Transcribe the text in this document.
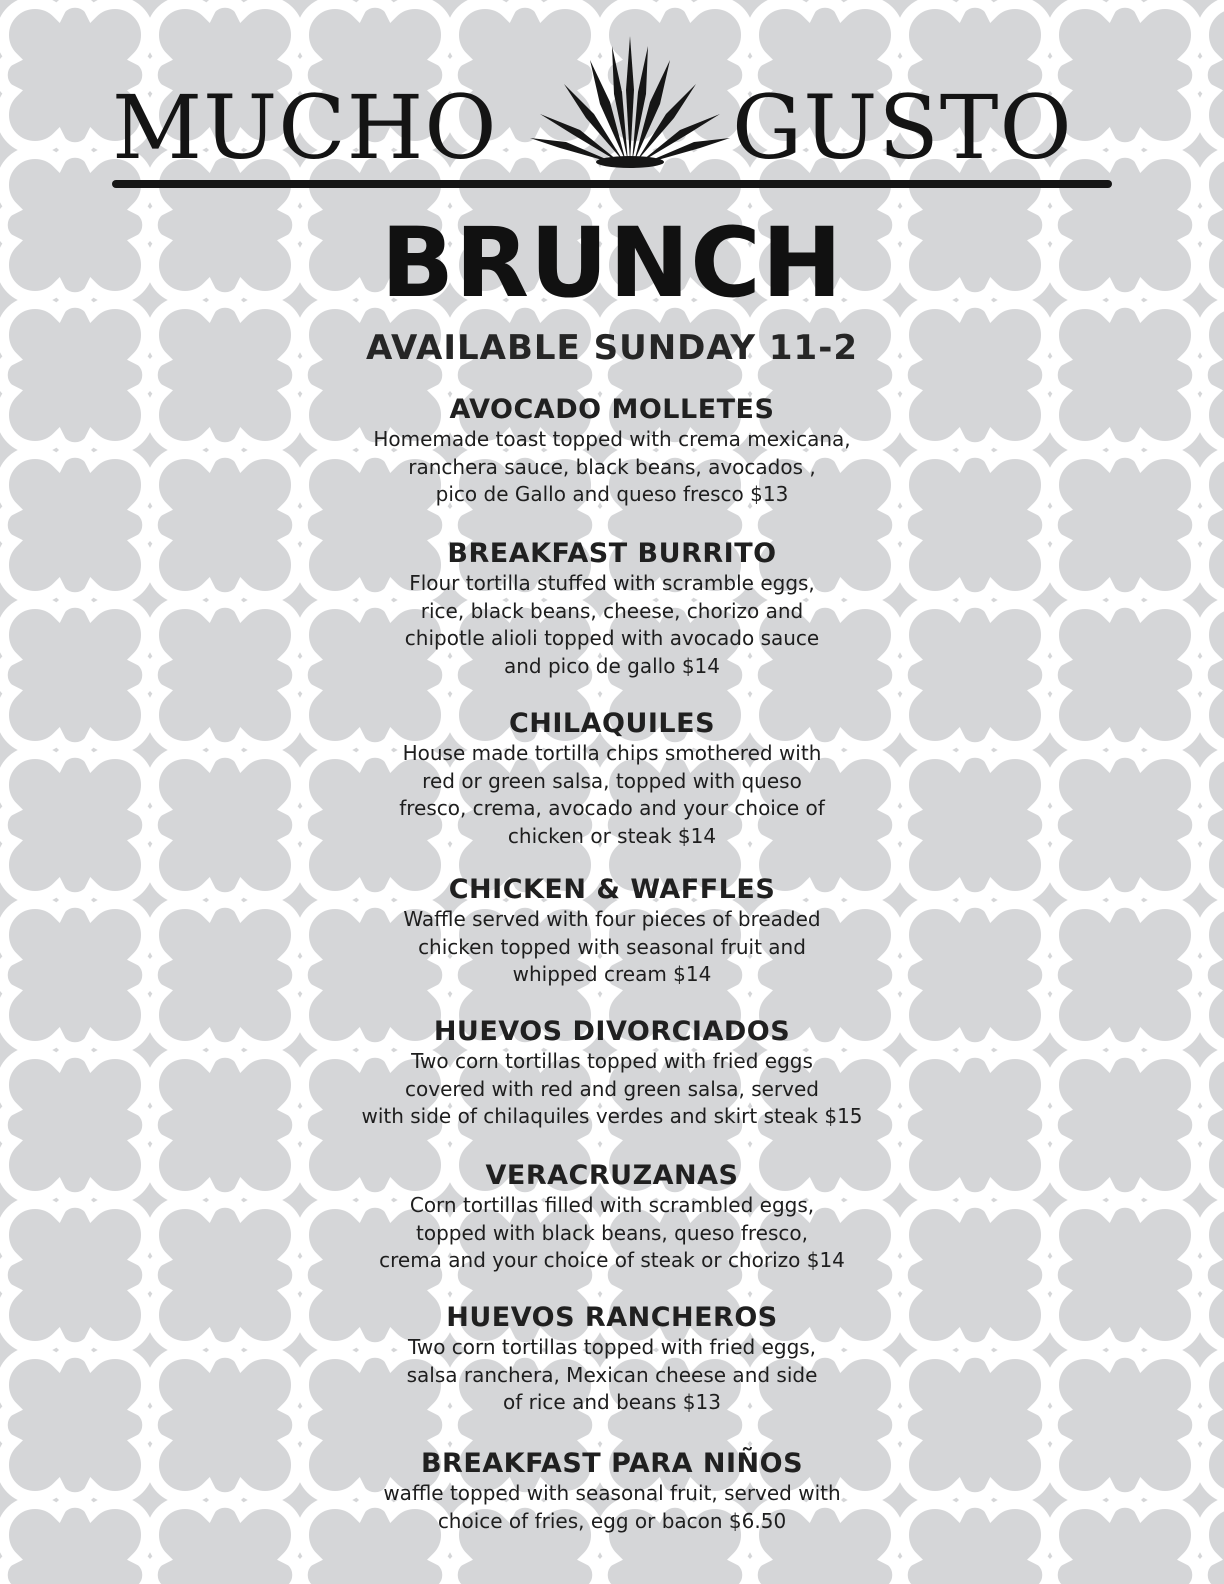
MUCHO	GUSTO
BRUNCH
AVAILABLE SUNDAY 11-2
AVOCADO MOLLETES
Homemade toast topped with crema mexicana,
ranchera sauce, black beans, avocados ,
pico de Gallo and queso fresco $13
BREAKFAST BURRITO
Flour tortilla stuffed with scramble eggs,
rice, black beans, cheese, chorizo and
chipotle alioli topped with avocado sauce
and pico de gallo $14
CHILAQUILES
House made tortilla chips smothered with
red or green salsa, topped with queso
fresco, crema, avocado and your choice of
chicken or steak $14
CHICKEN & WAFFLES
Waffle served with four pieces of breaded
chicken topped with seasonal fruit and
whipped cream $14
HUEVOS DIVORCIADOS
Two corn tortillas topped with fried eggs
covered with red and green salsa, served
with side of chilaquiles verdes and skirt steak $15
VERACRUZANAS
Corn tortillas filled with scrambled eggs,
topped with black beans, queso fresco,
crema and your choice of steak or chorizo $14
HUEVOS RANCHEROS
Two corn tortillas topped with fried eggs,
salsa ranchera, Mexican cheese and side
of rice and beans $13
BREAKFAST PARA NIÑOS
waffle topped with seasonal fruit, served with
choice of fries, egg or bacon $6.50
